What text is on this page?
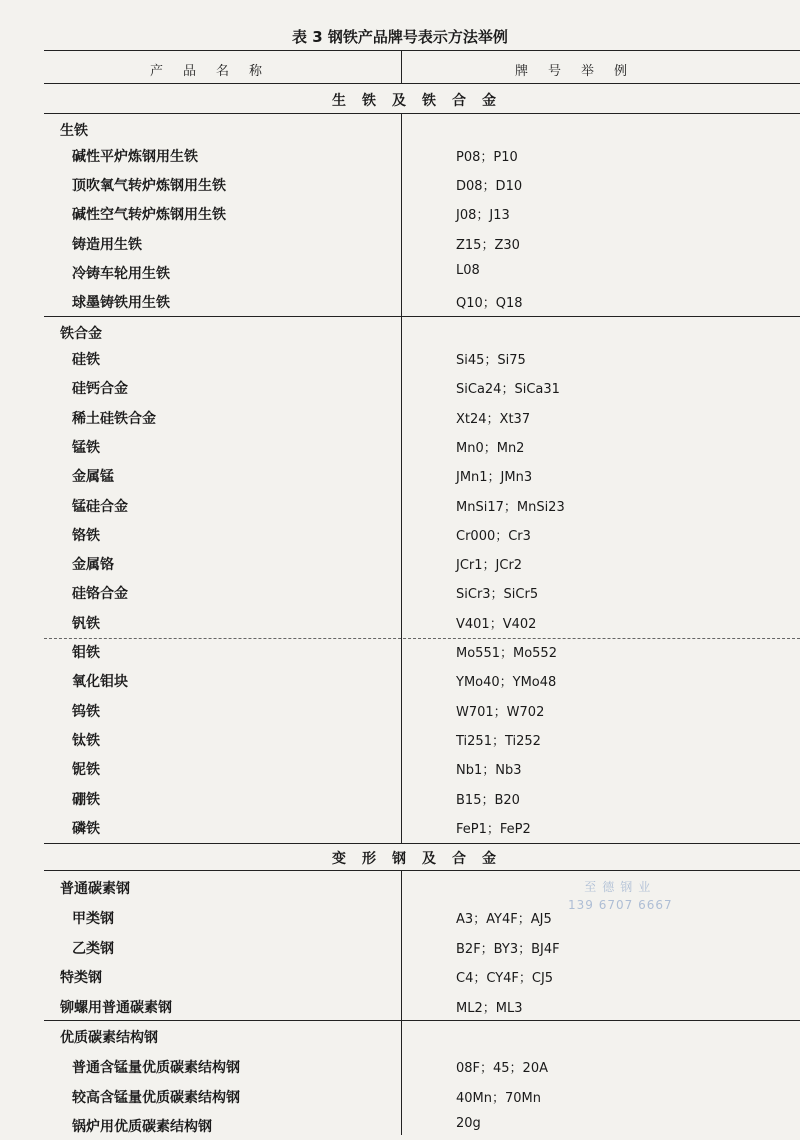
表 3 钢铁产品牌号表示方法举例
产品名称	牌号举例
生铁及铁合金
生铁
碱性平炉炼钢用生铁	P08；P10
顶吹氧气转炉炼钢用生铁	D08；D10
碱性空气转炉炼钢用生铁	J08；J13
铸造用生铁	Z15；Z30
冷铸车轮用生铁	L08
球墨铸铁用生铁	Q10；Q18
铁合金
硅铁	Si45；Si75
硅钙合金	SiCa24；SiCa31
稀土硅铁合金	Xt24；Xt37
锰铁	Mn0；Mn2
金属锰	JMn1；JMn3
锰硅合金	MnSi17；MnSi23
铬铁	Cr000；Cr3
金属铬	JCr1；JCr2
硅铬合金	SiCr3；SiCr5
钒铁	V401；V402
钼铁	Mo551；Mo552
氧化钼块	YMo40；YMo48
钨铁	W701；W702
钛铁	Ti251；Ti252
铌铁	Nb1；Nb3
硼铁	B15；B20
磷铁	FeP1；FeP2
变形钢及合金
普通碳素钢
甲类钢	A3；AY4F；AJ5
乙类钢	B2F；BY3；BJ4F
特类钢	C4；CY4F；CJ5
铆螺用普通碳素钢	ML2；ML3
优质碳素结构钢
普通含锰量优质碳素结构钢	08F；45；20A
较高含锰量优质碳素结构钢	40Mn；70Mn
锅炉用优质碳素结构钢	20g
至德钢业
139 6707 6667
